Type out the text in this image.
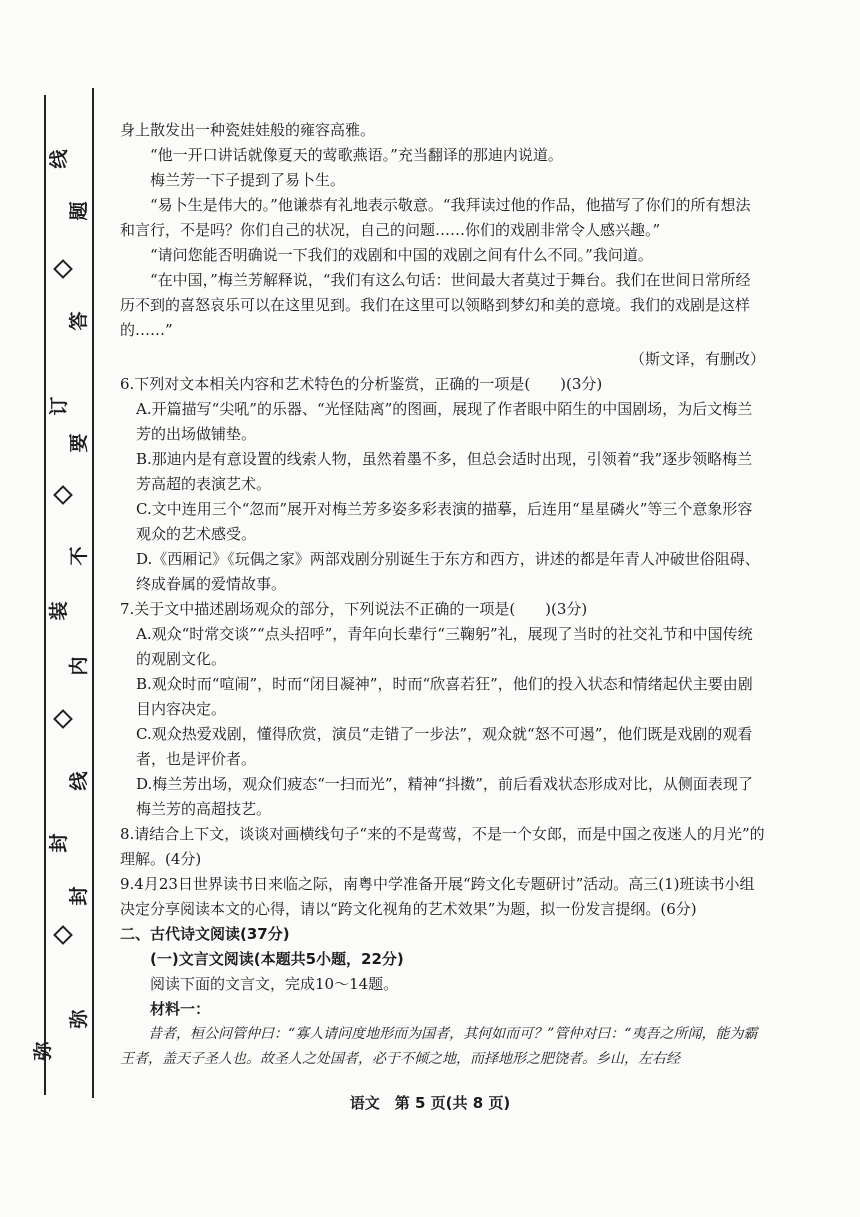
线
题
答
订
要
不
装
内
线
封
封
弥
弥

身上散发出一种瓷娃娃般的雍容高雅。

“他一开口讲话就像夏天的莺歌燕语。”充当翻译的那迪内说道。

梅兰芳一下子提到了易卜生。

“易卜生是伟大的。”他谦恭有礼地表示敬意。“我拜读过他的作品，他描写了你们的所有想法和言行，不是吗？你们自己的状况，自己的问题……你们的戏剧非常令人感兴趣。”

“请问您能否明确说一下我们的戏剧和中国的戏剧之间有什么不同。”我问道。

“在中国，”梅兰芳解释说，“我们有这么句话：世间最大者莫过于舞台。我们在世间日常所经历不到的喜怒哀乐可以在这里见到。我们在这里可以领略到梦幻和美的意境。我们的戏剧是这样的……”

（斯文译，有删改）

6.下列对文本相关内容和艺术特色的分析鉴赏，正确的一项是(　　)(3分)

A.开篇描写“尖吼”的乐器、“光怪陆离”的图画，展现了作者眼中陌生的中国剧场，为后文梅兰芳的出场做铺垫。

B.那迪内是有意设置的线索人物，虽然着墨不多，但总会适时出现，引领着“我”逐步领略梅兰芳高超的表演艺术。

C.文中连用三个“忽而”展开对梅兰芳多姿多彩表演的描摹，后连用“星星磷火”等三个意象形容观众的艺术感受。

D.《西厢记》《玩偶之家》两部戏剧分别诞生于东方和西方，讲述的都是年青人冲破世俗阻碍、终成眷属的爱情故事。

7.关于文中描述剧场观众的部分，下列说法不正确的一项是(　　)(3分)

A.观众“时常交谈”“点头招呼”，青年向长辈行“三鞠躬”礼，展现了当时的社交礼节和中国传统的观剧文化。

B.观众时而“喧闹”，时而“闭目凝神”，时而“欣喜若狂”，他们的投入状态和情绪起伏主要由剧目内容决定。

C.观众热爱戏剧，懂得欣赏，演员“走错了一步法”，观众就“怒不可遏”，他们既是戏剧的观看者，也是评价者。

D.梅兰芳出场，观众们疲态“一扫而光”，精神“抖擞”，前后看戏状态形成对比，从侧面表现了梅兰芳的高超技艺。

8.请结合上下文，谈谈对画横线句子“来的不是莺莺，不是一个女郎，而是中国之夜迷人的月光”的理解。(4分)

9.4月23日世界读书日来临之际，南粤中学准备开展“跨文化专题研讨”活动。高三(1)班读书小组决定分享阅读本文的心得，请以“跨文化视角的艺术效果”为题，拟一份发言提纲。(6分)

二、古代诗文阅读(37分)

(一)文言文阅读(本题共5小题，22分)

阅读下面的文言文，完成10～14题。

材料一：

昔者，桓公问管仲曰：“寡人请问度地形而为国者，其何如而可？”管仲对曰：“夷吾之所闻，能为霸王者，盖天子圣人也。故圣人之处国者，必于不倾之地，而择地形之肥饶者。乡山，左右经

语文　第 5 页(共 8 页)
